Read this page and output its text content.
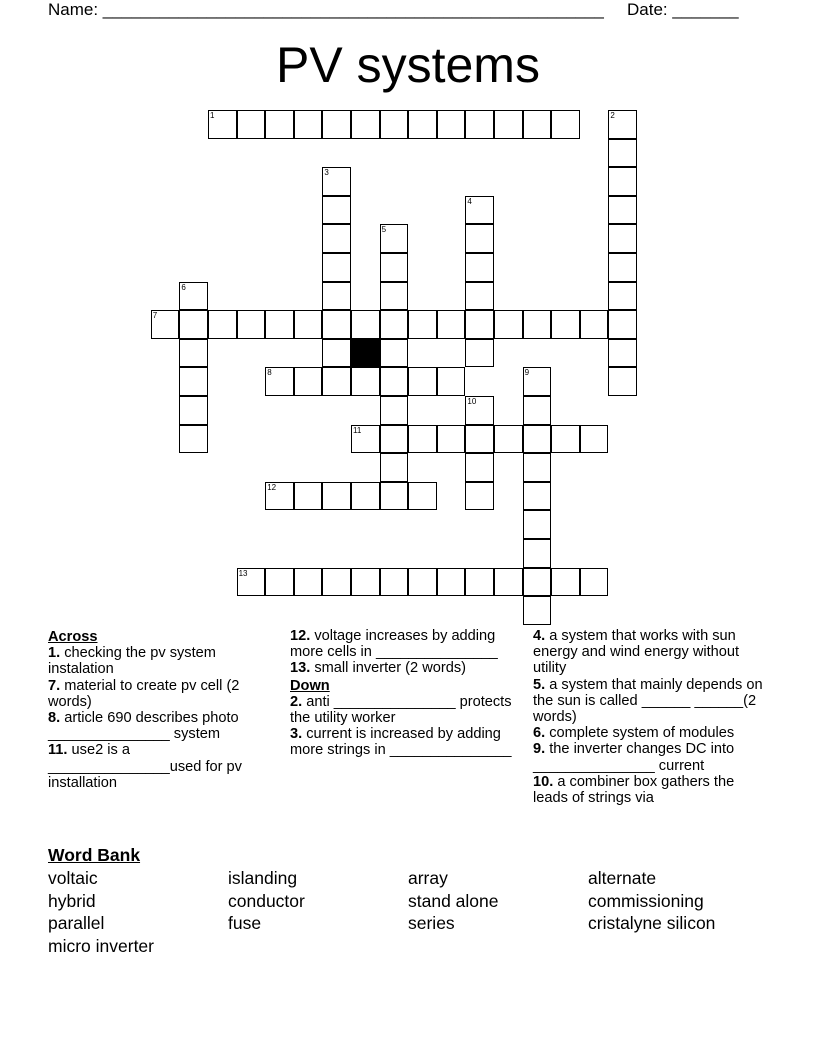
Name: _____________________________________________________ Date: _______
PV systems
1	2
3
4
5
6
7
8	9
10
11
12
13
Across
1. checking the pv system instalation
7. material to create pv cell (2 words)
8. article 690 describes photo _______________ system
11. use2 is a _______________used for pv installation
12. voltage increases by adding more cells in _______________
13. small inverter (2 words)
Down
2. anti _______________ protects the utility worker
3. current is increased by adding more strings in _______________
4. a system that works with sun energy and wind energy without utility
5. a system that mainly depends on the sun is called ______ ______(2 words)
6. complete system of modules
9. the inverter changes DC into _______________ current
10. a combiner box gathers the leads of strings via
Word Bank
voltaic	islanding	array	alternate
hybrid	conductor	stand alone	commissioning
parallel	fuse	series	cristalyne silicon
micro inverter
